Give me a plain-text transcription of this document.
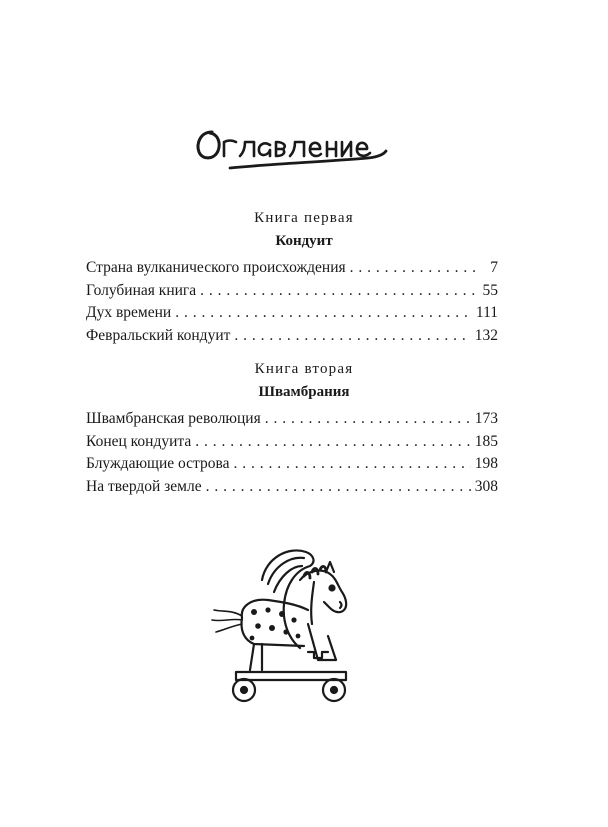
Книга первая
Кондуит
Страна вулканического происхождения . . .	7
Голубиная книга . . .	55
Дух времени . . .	111
Февральский кондуит . . .	132
Книга вторая
Швамбрания
Швамбранская революция . . .	173
Конец кондуита . . .	185
Блуждающие острова . . .	198
На твердой земле . . .	308
